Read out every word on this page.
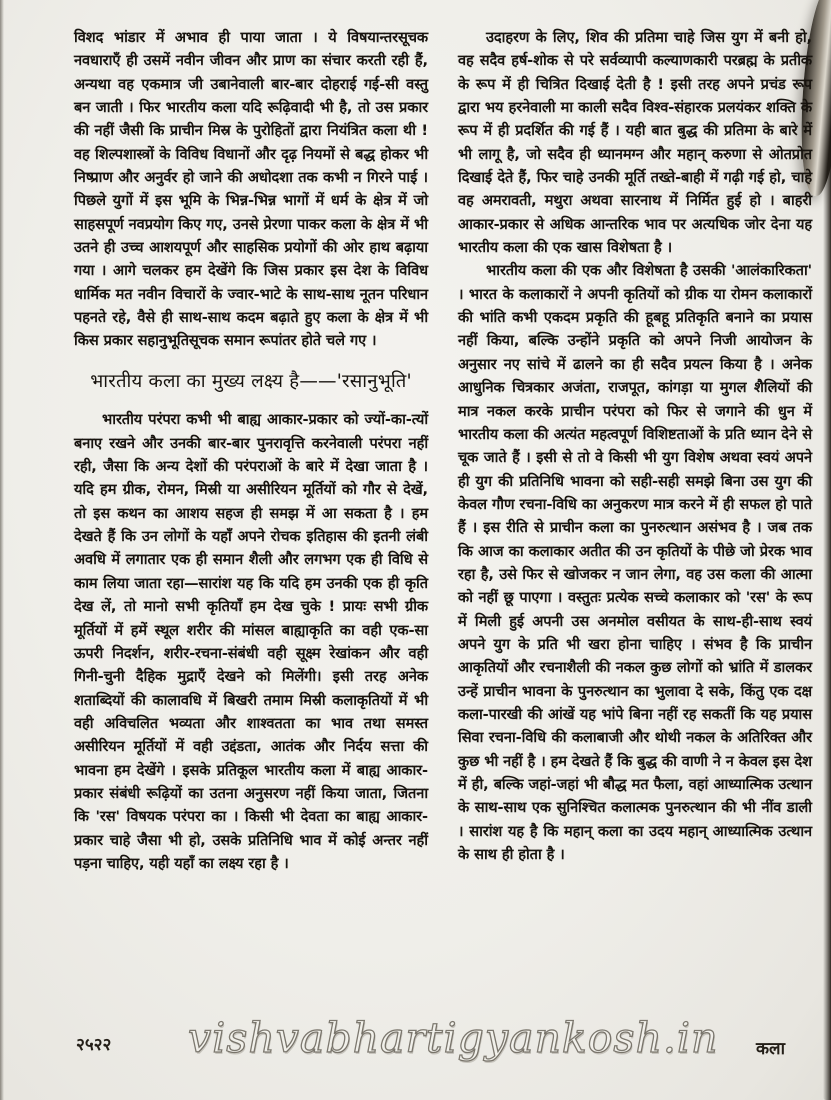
विशद भांडार में अभाव ही पाया जाता । ये विषयान्तरसूचक नवधाराएँ ही उसमें नवीन जीवन और प्राण का संचार करती रही हैं, अन्यथा वह एकमात्र जी उबानेवाली बार-बार दोहराई गई-सी वस्तु बन जाती । फिर भारतीय कला यदि रूढ़िवादी भी है, तो उस प्रकार की नहीं जैसी कि प्राचीन मिस्र के पुरोहितों द्वारा नियंत्रित कला थी ! वह शिल्पशास्त्रों के विविध विधानों और दृढ़ नियमों से बद्ध होकर भी निष्प्राण और अनुर्वर हो जाने की अधोदशा तक कभी न गिरने पाई । पिछले युगों में इस भूमि के भिन्न-भिन्न भागों में धर्म के क्षेत्र में जो साहसपूर्ण नवप्रयोग किए गए, उनसे प्रेरणा पाकर कला के क्षेत्र में भी उतने ही उच्च आशयपूर्ण और साहसिक प्रयोगों की ओर हाथ बढ़ाया गया । आगे चलकर हम देखेंगे कि जिस प्रकार इस देश के विविध धार्मिक मत नवीन विचारों के ज्वार-भाटे के साथ-साथ नूतन परिधान पहनते रहे, वैसे ही साथ-साथ कदम बढ़ाते हुए कला के क्षेत्र में भी किस प्रकार सहानुभूतिसूचक समान रूपांतर होते चले गए ।

भारतीय कला का मुख्य लक्ष्य है——'रसानुभूति'

भारतीय परंपरा कभी भी बाह्य आकार-प्रकार को ज्यों-का-त्यों बनाए रखने और उनकी बार-बार पुनरावृत्ति करनेवाली परंपरा नहीं रही, जैसा कि अन्य देशों की परंपराओं के बारे में देखा जाता है । यदि हम ग्रीक, रोमन, मिस्री या असीरियन मूर्तियों को गौर से देखें, तो इस कथन का आशय सहज ही समझ में आ सकता है । हम देखते हैं कि उन लोगों के यहाँ अपने रोचक इतिहास की इतनी लंबी अवधि में लगातार एक ही समान शैली और लगभग एक ही विधि से काम लिया जाता रहा—सारांश यह कि यदि हम उनकी एक ही कृति देख लें, तो मानो सभी कृतियाँ हम देख चुके ! प्रायः सभी ग्रीक मूर्तियों में हमें स्थूल शरीर की मांसल बाह्याकृति का वही एक-सा ऊपरी निदर्शन, शरीर-रचना-संबंधी वही सूक्ष्म रेखांकन और वही गिनी-चुनी दैहिक मुद्राएँ देखने को मिलेंगी। इसी तरह अनेक शताब्दियों की कालावधि में बिखरी तमाम मिस्री कलाकृतियों में भी वही अविचलित भव्यता और शाश्वतता का भाव तथा समस्त असीरियन मूर्तियों में वही उद्दंडता, आतंक और निर्दय सत्ता की भावना हम देखेंगे । इसके प्रतिकूल भारतीय कला में बाह्य आकार-प्रकार संबंधी रूढ़ियों का उतना अनुसरण नहीं किया जाता, जितना कि 'रस' विषयक परंपरा का । किसी भी देवता का बाह्य आकार-प्रकार चाहे जैसा भी हो, उसके प्रतिनिधि भाव में कोई अन्तर नहीं पड़ना चाहिए, यही यहाँ का लक्ष्य रहा है ।

उदाहरण के लिए, शिव की प्रतिमा चाहे जिस युग में बनी हो, वह सदैव हर्ष-शोक से परे सर्वव्यापी कल्याणकारी परब्रह्म के प्रतीक के रूप में ही चित्रित दिखाई देती है ! इसी तरह अपने प्रचंड रूप द्वारा भय हरनेवाली मा काली सदैव विश्व-संहारक प्रलयंकर शक्ति के रूप में ही प्रदर्शित की गई हैं । यही बात बुद्ध की प्रतिमा के बारे में भी लागू है, जो सदैव ही ध्यानमग्न और महान् करुणा से ओतप्रोत दिखाई देते हैं, फिर चाहे उनकी मूर्ति तख्ते-बाही में गढ़ी गई हो, चाहे वह अमरावती, मथुरा अथवा सारनाथ में निर्मित हुई हो । बाहरी आकार-प्रकार से अधिक आन्तरिक भाव पर अत्यधिक जोर देना यह भारतीय कला की एक खास विशेषता है ।

भारतीय कला की एक और विशेषता है उसकी 'आलंकारिकता' । भारत के कलाकारों ने अपनी कृतियों को ग्रीक या रोमन कलाकारों की भांति कभी एकदम प्रकृति की हूबहू प्रतिकृति बनाने का प्रयास नहीं किया, बल्कि उन्होंने प्रकृति को अपने निजी आयोजन के अनुसार नए सांचे में ढालने का ही सदैव प्रयत्न किया है । अनेक आधुनिक चित्रकार अजंता, राजपूत, कांगड़ा या मुगल शैलियों की मात्र नकल करके प्राचीन परंपरा को फिर से जगाने की धुन में भारतीय कला की अत्यंत महत्वपूर्ण विशिष्टताओं के प्रति ध्यान देने से चूक जाते हैं । इसी से तो वे किसी भी युग विशेष अथवा स्वयं अपने ही युग की प्रतिनिधि भावना को सही-सही समझे बिना उस युग की केवल गौण रचना-विधि का अनुकरण मात्र करने में ही सफल हो पाते हैं । इस रीति से प्राचीन कला का पुनरुत्थान असंभव है । जब तक कि आज का कलाकार अतीत की उन कृतियों के पीछे जो प्रेरक भाव रहा है, उसे फिर से खोजकर न जान लेगा, वह उस कला की आत्मा को नहीं छू पाएगा । वस्तुतः प्रत्येक सच्चे कलाकार को 'रस' के रूप में मिली हुई अपनी उस अनमोल वसीयत के साथ-ही-साथ स्वयं अपने युग के प्रति भी खरा होना चाहिए । संभव है कि प्राचीन आकृतियों और रचनाशैली की नकल कुछ लोगों को भ्रांति में डालकर उन्हें प्राचीन भावना के पुनरुत्थान का भुलावा दे सके, किंतु एक दक्ष कला-पारखी की आंखें यह भांपे बिना नहीं रह सकतीं कि यह प्रयास सिवा रचना-विधि की कलाबाजी और थोथी नकल के अतिरिक्त और कुछ भी नहीं है । हम देखते हैं कि बुद्ध की वाणी ने न केवल इस देश में ही, बल्कि जहां-जहां भी बौद्ध मत फैला, वहां आध्यात्मिक उत्थान के साथ-साथ एक सुनिश्चित कलात्मक पुनरुत्थान की भी नींव डाली । सारांश यह है कि महान् कला का उदय महान् आध्यात्मिक उत्थान के साथ ही होता है ।

२५२२ vishvabhartigyankosh.in कला
